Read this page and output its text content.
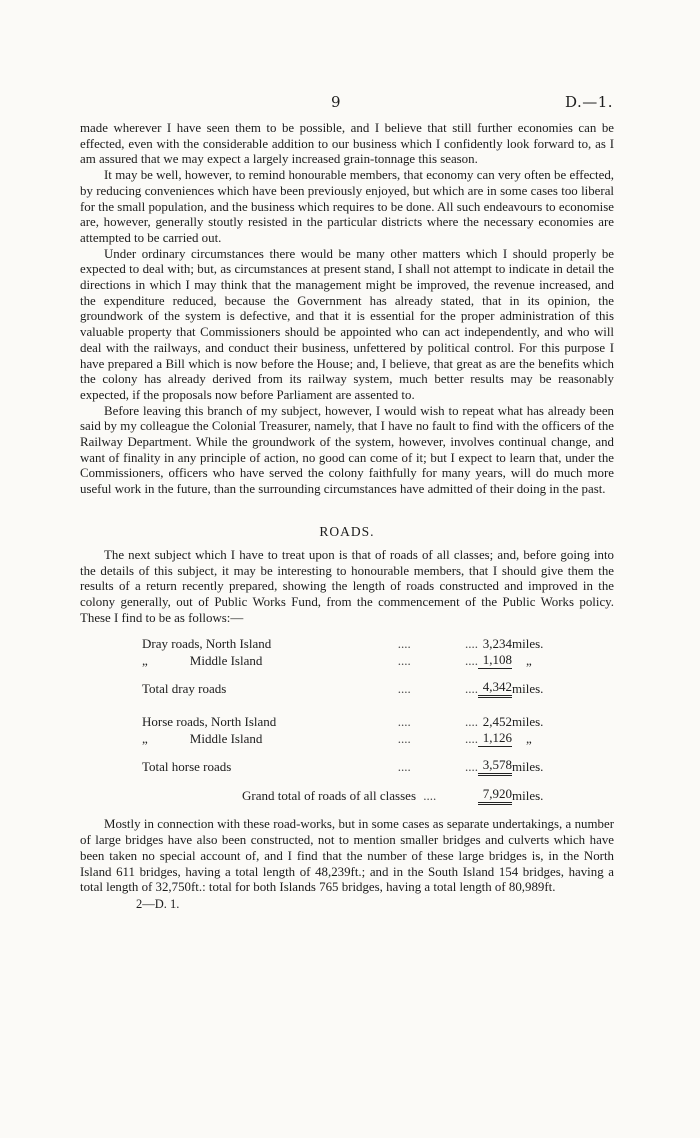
9	D.—1.

made wherever I have seen them to be possible, and I believe that still further economies can be effected, even with the considerable addition to our business which I confidently look forward to, as I am assured that we may expect a largely increased grain-tonnage this season.

It may be well, however, to remind honourable members, that economy can very often be effected, by reducing conveniences which have been previously enjoyed, but which are in some cases too liberal for the small population, and the business which requires to be done. All such endeavours to economise are, however, generally stoutly resisted in the particular districts where the necessary economies are attempted to be carried out.

Under ordinary circumstances there would be many other matters which I should properly be expected to deal with; but, as circumstances at present stand, I shall not attempt to indicate in detail the directions in which I may think that the management might be improved, the revenue increased, and the expenditure reduced, because the Government has already stated, that in its opinion, the groundwork of the system is defective, and that it is essential for the proper administration of this valuable property that Commissioners should be appointed who can act independently, and who will deal with the railways, and conduct their business, unfettered by political control. For this purpose I have prepared a Bill which is now before the House; and, I believe, that great as are the benefits which the colony has already derived from its railway system, much better results may be reasonably expected, if the proposals now before Parliament are assented to.

Before leaving this branch of my subject, however, I would wish to repeat what has already been said by my colleague the Colonial Treasurer, namely, that I have no fault to find with the officers of the Railway Department. While the groundwork of the system, however, involves continual change, and want of finality in any principle of action, no good can come of it; but I expect to learn that, under the Commissioners, officers who have served the colony faithfully for many years, will do much more useful work in the future, than the surrounding circumstances have admitted of their doing in the past.

ROADS.

The next subject which I have to treat upon is that of roads of all classes; and, before going into the details of this subject, it may be interesting to honourable members, that I should give them the results of a return recently prepared, showing the length of roads constructed and improved in the colony generally, out of Public Works Fund, from the commencement of the Public Works policy. These I find to be as follows:—

Dray roads, North Island	....	....	3,234	miles.
„ Middle Island	....	....	1,108	„

Total dray roads	....	....	4,342	miles.

Horse roads, North Island	....	....	2,452	miles.
„ Middle Island	....	....	1,126	„

Total horse roads	....	....	3,578	miles.

Grand total of roads of all classes ....			7,920	miles.

Mostly in connection with these road-works, but in some cases as separate undertakings, a number of large bridges have also been constructed, not to mention smaller bridges and culverts which have been taken no special account of, and I find that the number of these large bridges is, in the North Island 611 bridges, having a total length of 48,239ft.; and in the South Island 154 bridges, having a total length of 32,750ft.: total for both Islands 765 bridges, having a total length of 80,989ft.

2—D. 1.
